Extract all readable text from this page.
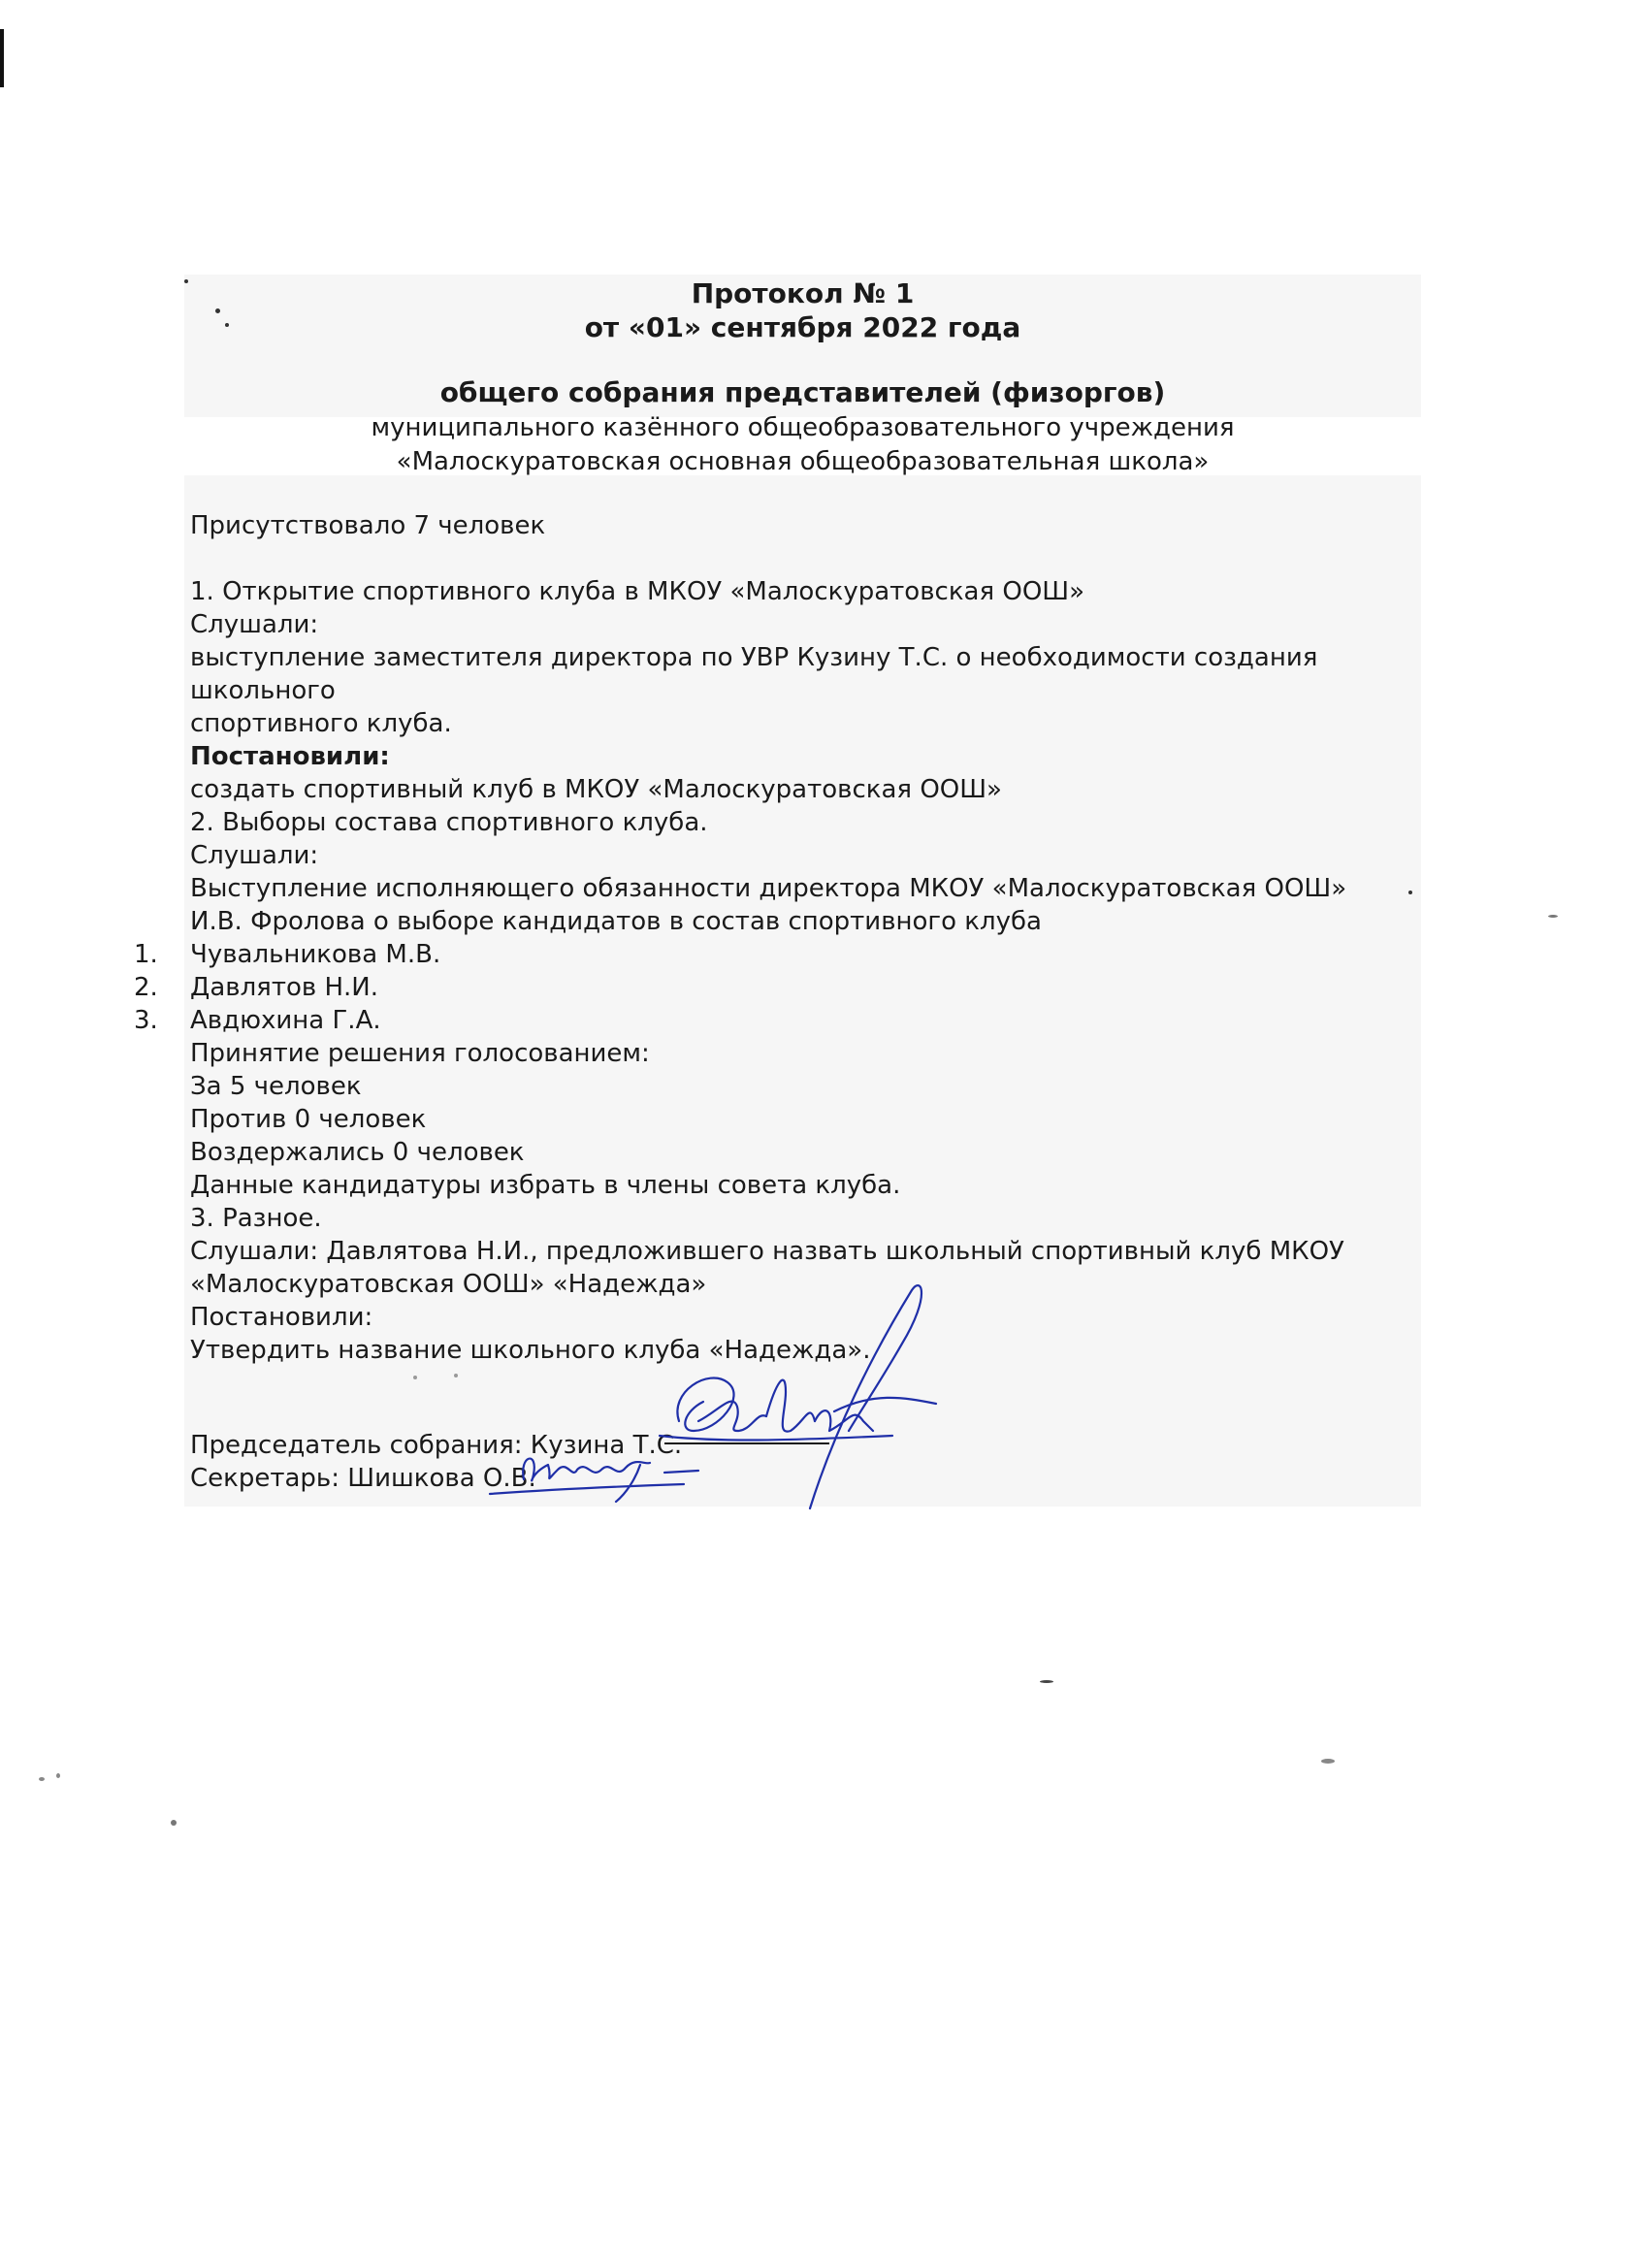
Протокол № 1
от «01» сентября 2022 года
общего собрания представителей (физоргов)
муниципального казённого общеобразовательного учреждения
«Малоскуратовская основная общеобразовательная школа»

Присутствовало 7 человек

1. Открытие спортивного клуба в МКОУ «Малоскуратовская ООШ»

Слушали:

выступление заместителя директора по УВР Кузину Т.С. о необходимости создания школьного

спортивного клуба.

Постановили:

создать спортивный клуб в МКОУ «Малоскуратовская ООШ»

2. Выборы состава спортивного клуба.

Слушали:

Выступление исполняющего обязанности директора МКОУ «Малоскуратовская ООШ»

И.В. Фролова о выборе кандидатов в состав спортивного клуба

1.	Чувальникова М.В.

2.	Давлятов Н.И.

3.	Авдюхина Г.А.

Принятие решения голосованием:

За 5 человек

Против 0 человек

Воздержались 0 человек

Данные кандидатуры избрать в члены совета клуба.

3. Разное.

Слушали: Давлятова Н.И., предложившего назвать школьный спортивный клуб МКОУ

«Малоскуратовская ООШ» «Надежда»

Постановили:

Утвердить название школьного клуба «Надежда».

Председатель собрания: Кузина Т.С.

Секретарь: Шишкова О.В.
